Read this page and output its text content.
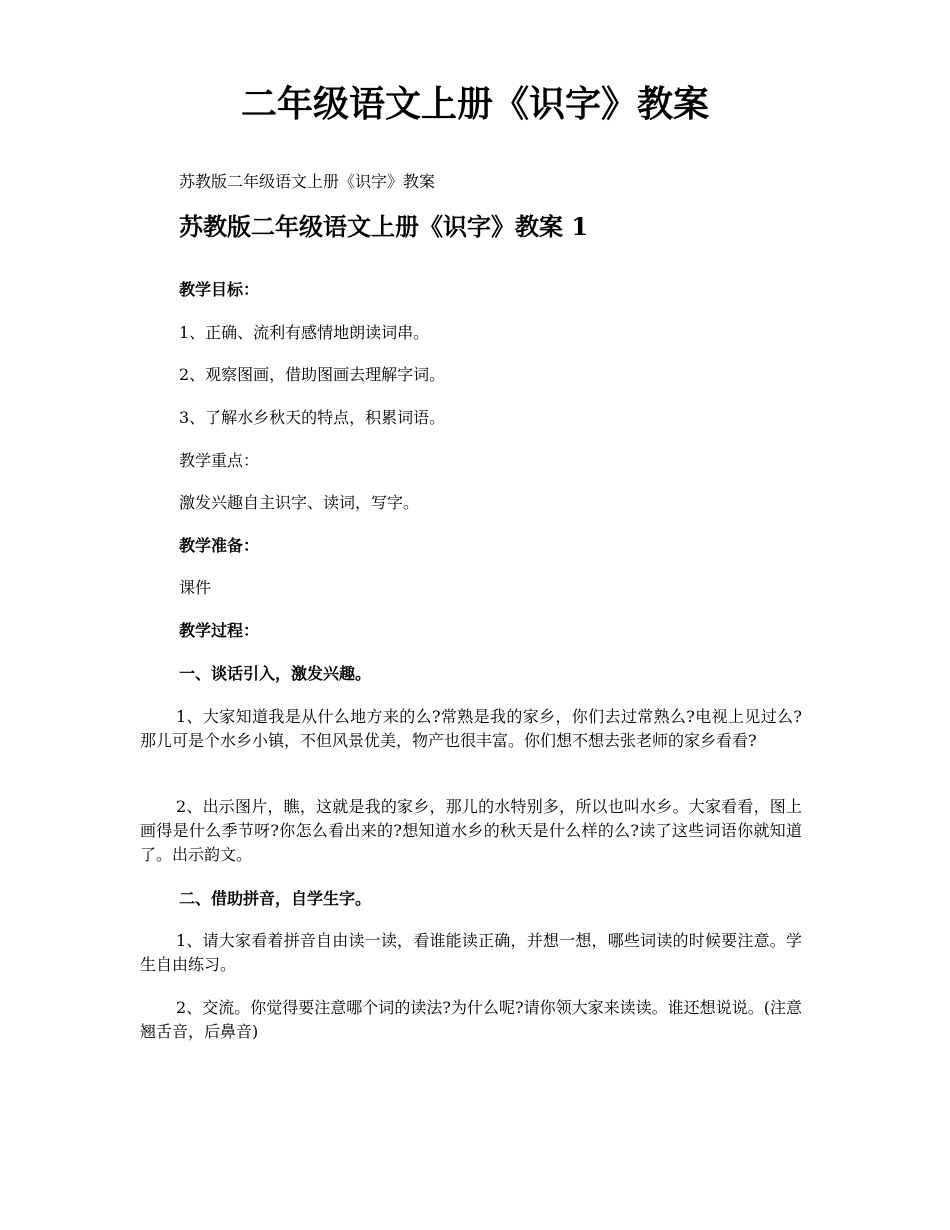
二年级语文上册《识字》教案

苏教版二年级语文上册《识字》教案

苏教版二年级语文上册《识字》教案 1

教学目标：

1、正确、流利有感情地朗读词串。

2、观察图画，借助图画去理解字词。

3、了解水乡秋天的特点，积累词语。

教学重点：

激发兴趣自主识字、读词，写字。

教学准备：

课件

教学过程：

一、谈话引入，激发兴趣。

1、大家知道我是从什么地方来的么?常熟是我的家乡，你们去过常熟么?电视上见过么?那儿可是个水乡小镇，不但风景优美，物产也很丰富。你们想不想去张老师的家乡看看?

2、出示图片，瞧，这就是我的家乡，那儿的水特别多，所以也叫水乡。大家看看，图上画得是什么季节呀?你怎么看出来的?想知道水乡的秋天是什么样的么?读了这些词语你就知道了。出示韵文。

二、借助拼音，自学生字。

1、请大家看着拼音自由读一读，看谁能读正确，并想一想，哪些词读的时候要注意。学生自由练习。

2、交流。你觉得要注意哪个词的读法?为什么呢?请你领大家来读读。谁还想说说。(注意翘舌音，后鼻音)
